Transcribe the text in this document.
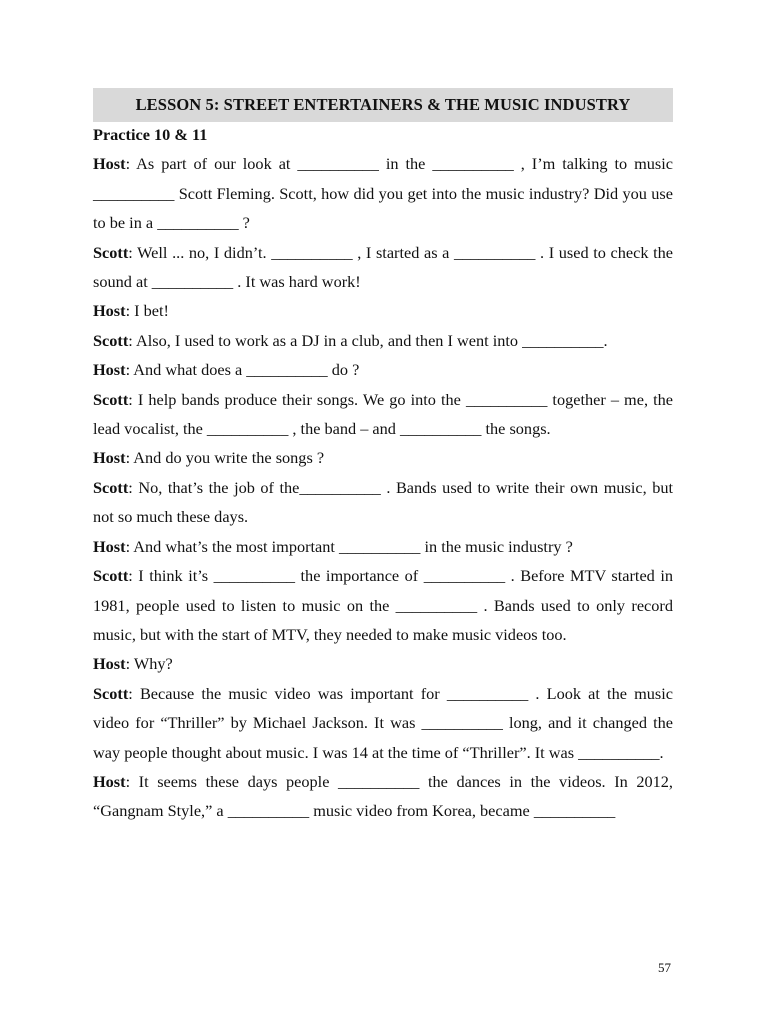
LESSON 5: STREET ENTERTAINERS & THE MUSIC INDUSTRY

Practice 10 & 11

Host: As part of our look at __________ in the __________ , I’m talking to music __________ Scott Fleming. Scott, how did you get into the music industry? Did you use to be in a __________ ?

Scott: Well ... no, I didn’t. __________ , I started as a __________ . I used to check the sound at __________ . It was hard work!

Host: I bet!

Scott: Also, I used to work as a DJ in a club, and then I went into __________.

Host: And what does a __________ do ?

Scott: I help bands produce their songs. We go into the __________ together – me, the lead vocalist, the __________ , the band – and __________ the songs.

Host: And do you write the songs ?

Scott: No, that’s the job of the__________ . Bands used to write their own music, but not so much these days.

Host: And what’s the most important __________ in the music industry ?

Scott: I think it’s __________ the importance of __________ . Before MTV started in 1981, people used to listen to music on the __________ . Bands used to only record music, but with the start of MTV, they needed to make music videos too.

Host: Why?

Scott: Because the music video was important for __________ . Look at the music video for “Thriller” by Michael Jackson. It was __________ long, and it changed the way people thought about music. I was 14 at the time of “Thriller”. It was __________.

Host: It seems these days people __________ the dances in the videos. In 2012, “Gangnam Style,” a __________ music video from Korea, became __________

57
